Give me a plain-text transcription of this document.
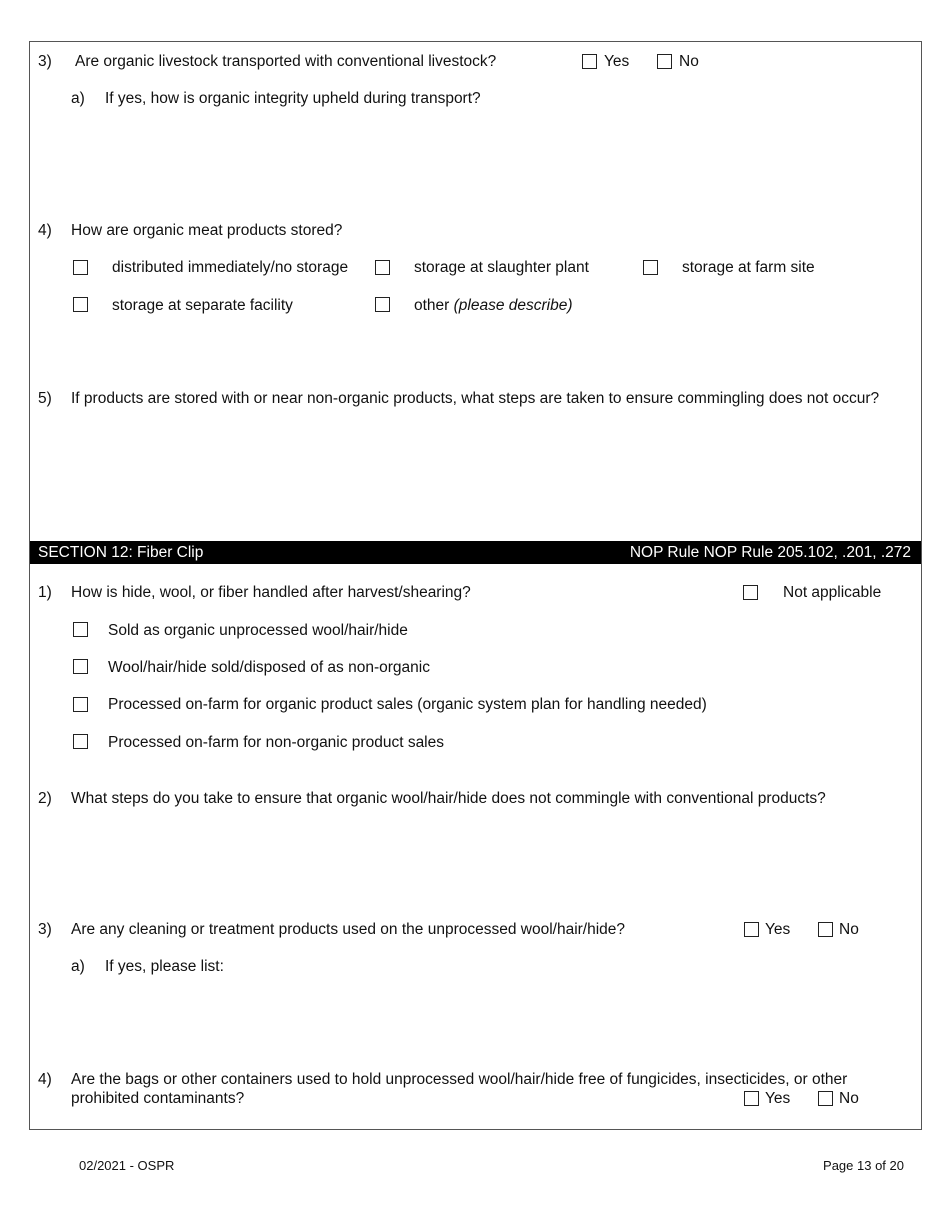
3) Are organic livestock transported with conventional livestock?	Yes	No
a) If yes, how is organic integrity upheld during transport?
4) How are organic meat products stored?
distributed immediately/no storage	storage at slaughter plant	storage at farm site
storage at separate facility	other (please describe)
5) If products are stored with or near non-organic products, what steps are taken to ensure commingling does not occur?
SECTION 12: Fiber Clip	NOP Rule NOP Rule 205.102, .201, .272
1) How is hide, wool, or fiber handled after harvest/shearing?	Not applicable
Sold as organic unprocessed wool/hair/hide
Wool/hair/hide sold/disposed of as non-organic
Processed on-farm for organic product sales (organic system plan for handling needed)
Processed on-farm for non-organic product sales
2) What steps do you take to ensure that organic wool/hair/hide does not commingle with conventional products?
3) Are any cleaning or treatment products used on the unprocessed wool/hair/hide?	Yes	No
a) If yes, please list:
4) Are the bags or other containers used to hold unprocessed wool/hair/hide free of fungicides, insecticides, or other prohibited contaminants?	Yes	No
02/2021 - OSPR	Page 13 of 20
